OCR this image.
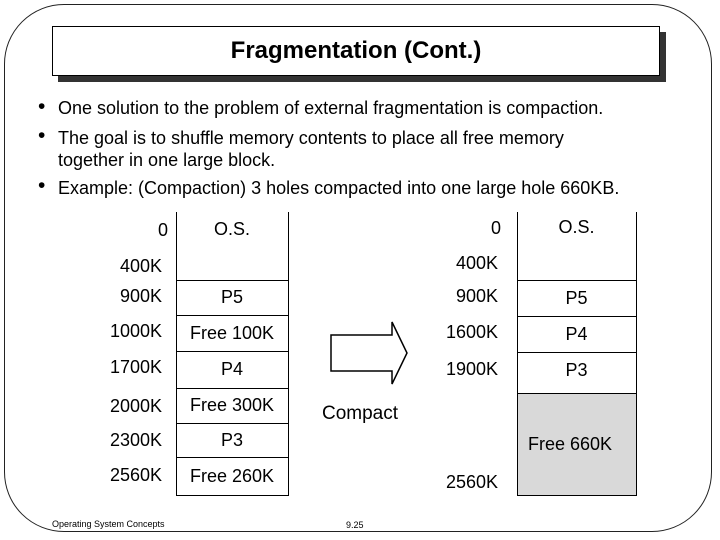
Fragmentation (Cont.)
• One solution to the problem of external fragmentation is compaction.
• The goal is to shuffle memory contents to place all free memory
together in one large block.
• Example: (Compaction) 3 holes compacted into one large hole 660KB.
O.S.
P5
Free 100K
P4
Free 300K
P3
Free 260K
0
400K
900K
1000K
1700K
2000K
2300K
2560K
Compact
O.S.
P5
P4
P3
Free 660K
0
400K
900K
1600K
1900K
2560K
Operating System Concepts	9.25
